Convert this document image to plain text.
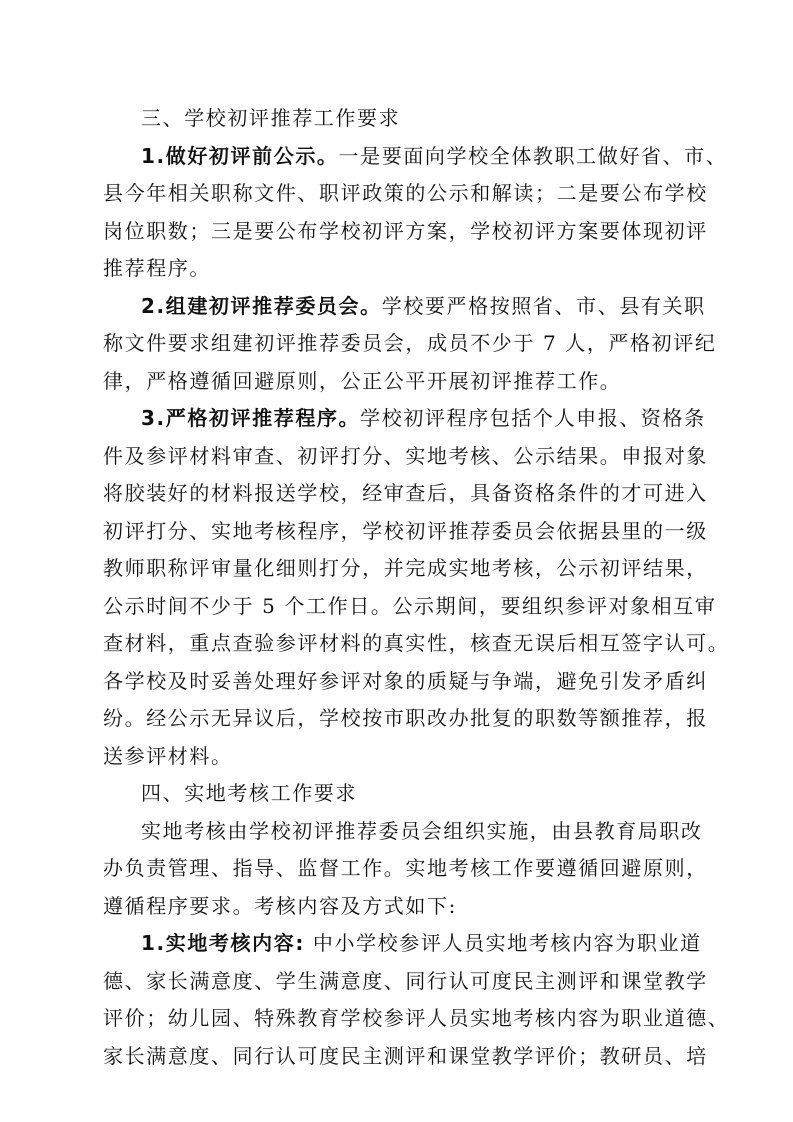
三、学校初评推荐工作要求

1.做好初评前公示。一是要面向学校全体教职工做好省、市、
县今年相关职称文件、职评政策的公示和解读；二是要公布学校
岗位职数；三是要公布学校初评方案，学校初评方案要体现初评
推荐程序。

2.组建初评推荐委员会。学校要严格按照省、市、县有关职
称文件要求组建初评推荐委员会，成员不少于 7 人，严格初评纪
律，严格遵循回避原则，公正公平开展初评推荐工作。

3.严格初评推荐程序。学校初评程序包括个人申报、资格条
件及参评材料审查、初评打分、实地考核、公示结果。申报对象
将胶装好的材料报送学校，经审查后，具备资格条件的才可进入
初评打分、实地考核程序，学校初评推荐委员会依据县里的一级
教师职称评审量化细则打分，并完成实地考核，公示初评结果，
公示时间不少于 5 个工作日。公示期间，要组织参评对象相互审
查材料，重点查验参评材料的真实性，核查无误后相互签字认可。
各学校及时妥善处理好参评对象的质疑与争端，避免引发矛盾纠
纷。经公示无异议后，学校按市职改办批复的职数等额推荐，报
送参评材料。

四、实地考核工作要求

实地考核由学校初评推荐委员会组织实施，由县教育局职改
办负责管理、指导、监督工作。实地考核工作要遵循回避原则，
遵循程序要求。考核内容及方式如下:

1.实地考核内容: 中小学校参评人员实地考核内容为职业道
德、家长满意度、学生满意度、同行认可度民主测评和课堂教学
评价；幼儿园、特殊教育学校参评人员实地考核内容为职业道德、
家长满意度、同行认可度民主测评和课堂教学评价；教研员、培
